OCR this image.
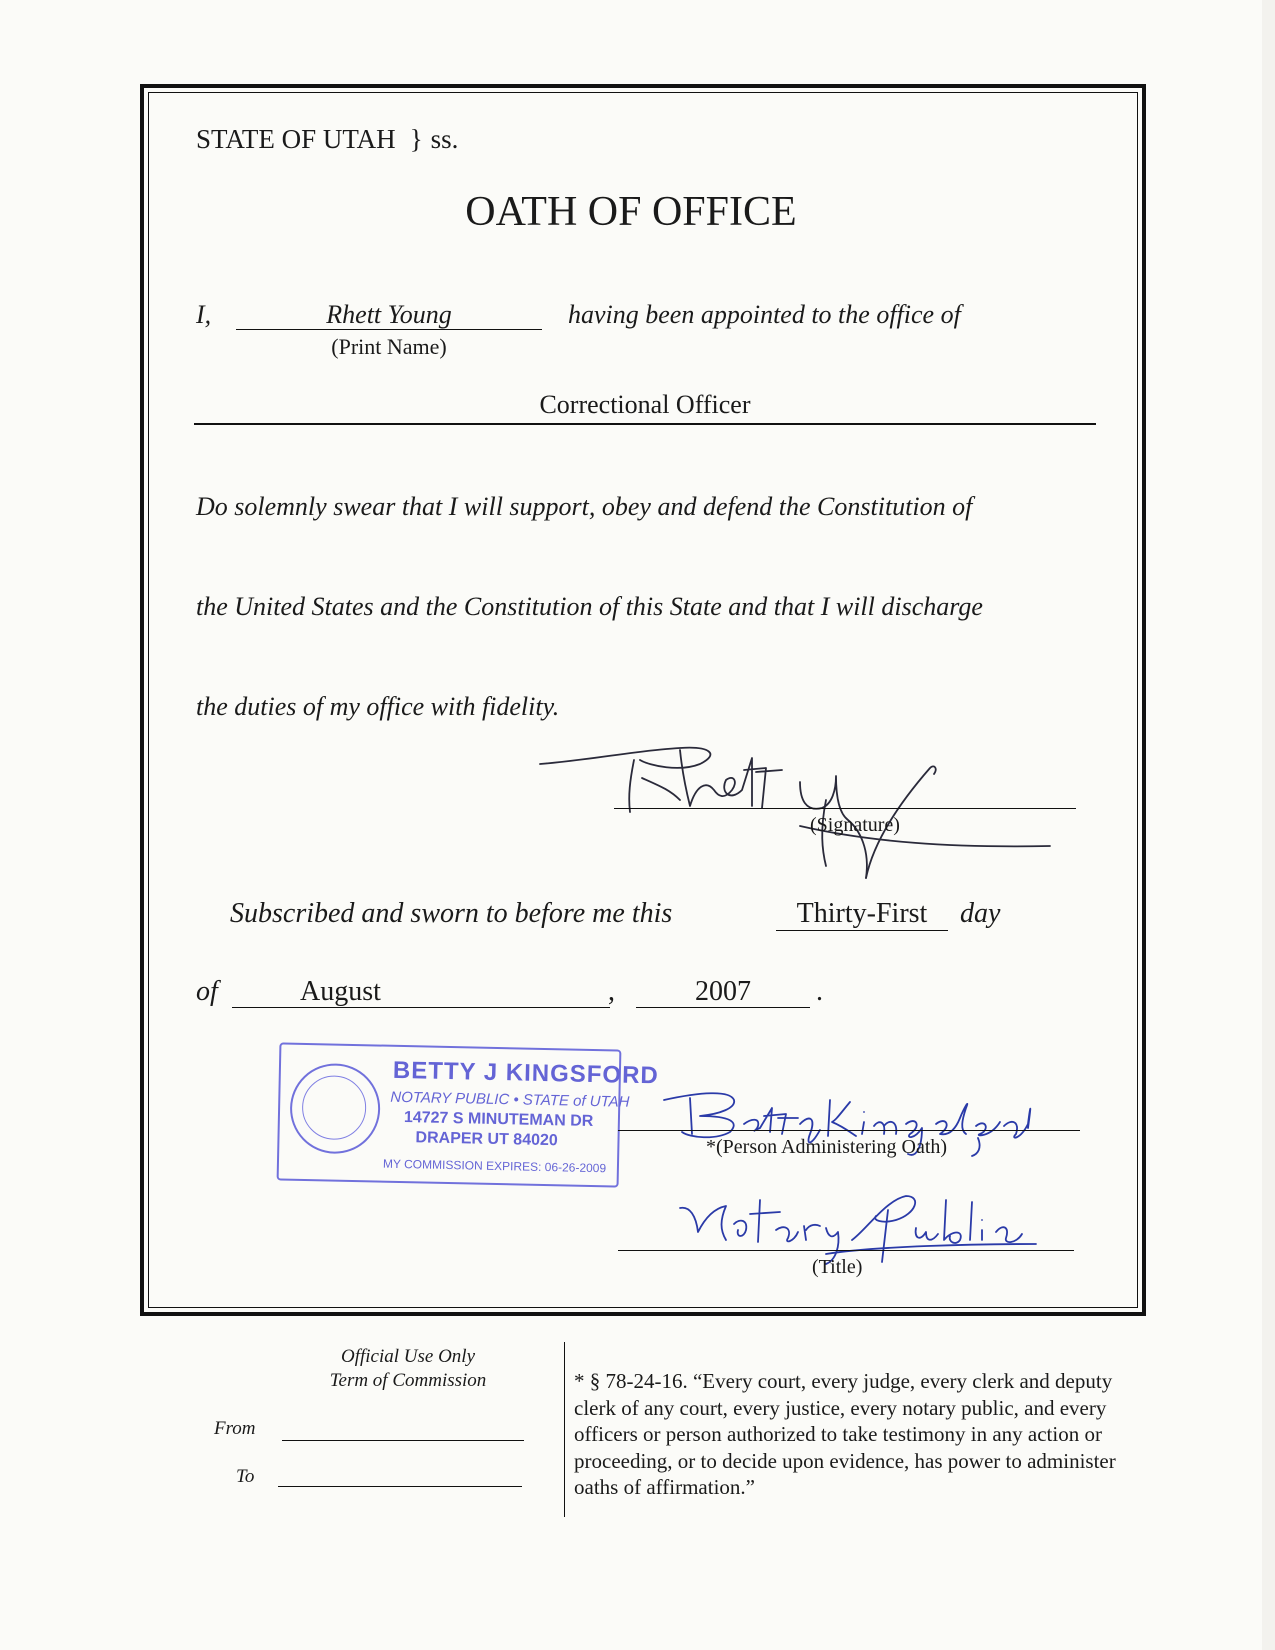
STATE OF UTAH } ss.
OATH OF OFFICE
I,	Rhett Young
(Print Name)
having been appointed to the office of
Correctional Officer
Do solemnly swear that I will support, obey and defend the Constitution of
the United States and the Constitution of this State and that I will discharge
the duties of my office with fidelity.
(Signature)
Subscribed and sworn to before me this	Thirty-First	day
of	August	,	2007	.
BETTY J KINGSFORD
NOTARY PUBLIC • STATE of UTAH
14727 S MINUTEMAN DR
DRAPER UT 84020
MY COMMISSION EXPIRES: 06-26-2009
*(Person Administering Oath)
(Title)
Official Use Only
Term of Commission
From
To
* § 78-24-16. “Every court, every judge, every clerk and deputy clerk of any court, every justice, every notary public, and every officers or person authorized to take testimony in any action or proceeding, or to decide upon evidence, has power to administer oaths of affirmation.”
